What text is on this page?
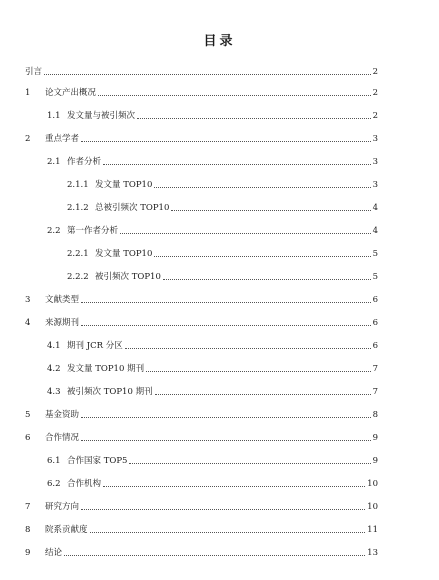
目录
引言	2
1	论文产出概况	2
1.1 发文量与被引频次	2
2	重点学者	3
2.1 作者分析	3
2.1.1 发文量 TOP10	3
2.1.2 总被引频次 TOP10	4
2.2 第一作者分析	4
2.2.1 发文量 TOP10	5
2.2.2 被引频次 TOP10	5
3	文献类型	6
4	来源期刊	6
4.1 期刊 JCR 分区	6
4.2 发文量 TOP10 期刊	7
4.3 被引频次 TOP10 期刊	7
5	基金资助	8
6	合作情况	9
6.1 合作国家 TOP5	9
6.2 合作机构	10
7	研究方向	10
8	院系贡献度	11
9	结论	13
